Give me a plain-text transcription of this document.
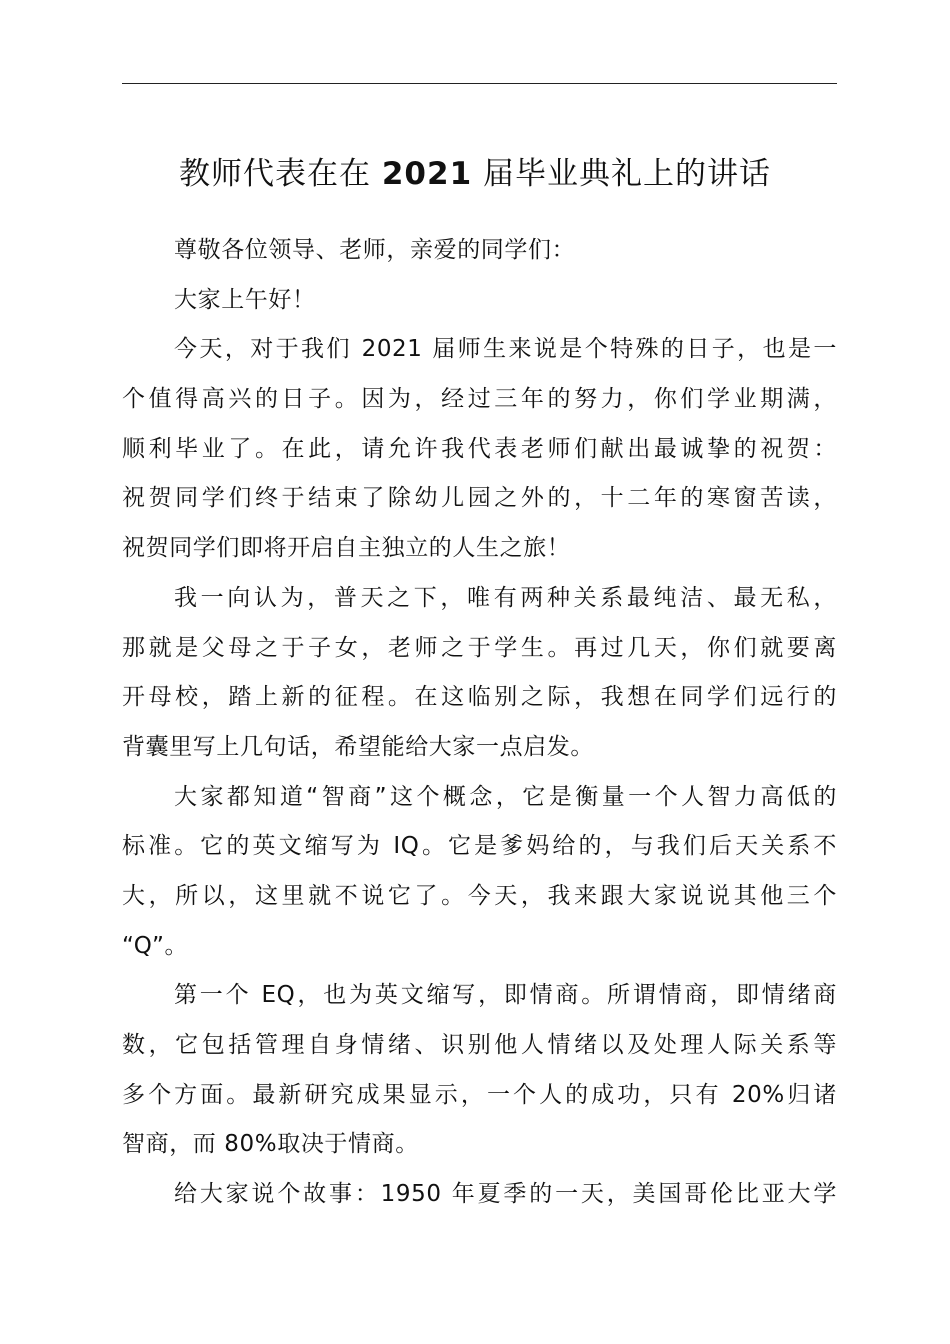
教师代表在在 2021 届毕业典礼上的讲话

尊敬各位领导、老师，亲爱的同学们：

大家上午好！

今天，对于我们 2021 届师生来说是个特殊的日子，也是一
个值得高兴的日子。因为，经过三年的努力，你们学业期满，
顺利毕业了。在此，请允许我代表老师们献出最诚挚的祝贺：
祝贺同学们终于结束了除幼儿园之外的，十二年的寒窗苦读，
祝贺同学们即将开启自主独立的人生之旅！

我一向认为，普天之下，唯有两种关系最纯洁、最无私，
那就是父母之于子女，老师之于学生。再过几天，你们就要离
开母校，踏上新的征程。在这临别之际，我想在同学们远行的
背囊里写上几句话，希望能给大家一点启发。

大家都知道“智商”这个概念，它是衡量一个人智力高低的
标准。它的英文缩写为 IQ。它是爹妈给的，与我们后天关系不
大，所以，这里就不说它了。今天，我来跟大家说说其他三个
“Q”。

第一个 EQ，也为英文缩写，即情商。所谓情商，即情绪商
数，它包括管理自身情绪、识别他人情绪以及处理人际关系等
多个方面。最新研究成果显示，一个人的成功，只有 20%归诸
智商，而 80%取决于情商。

给大家说个故事：1950 年夏季的一天，美国哥伦比亚大学
